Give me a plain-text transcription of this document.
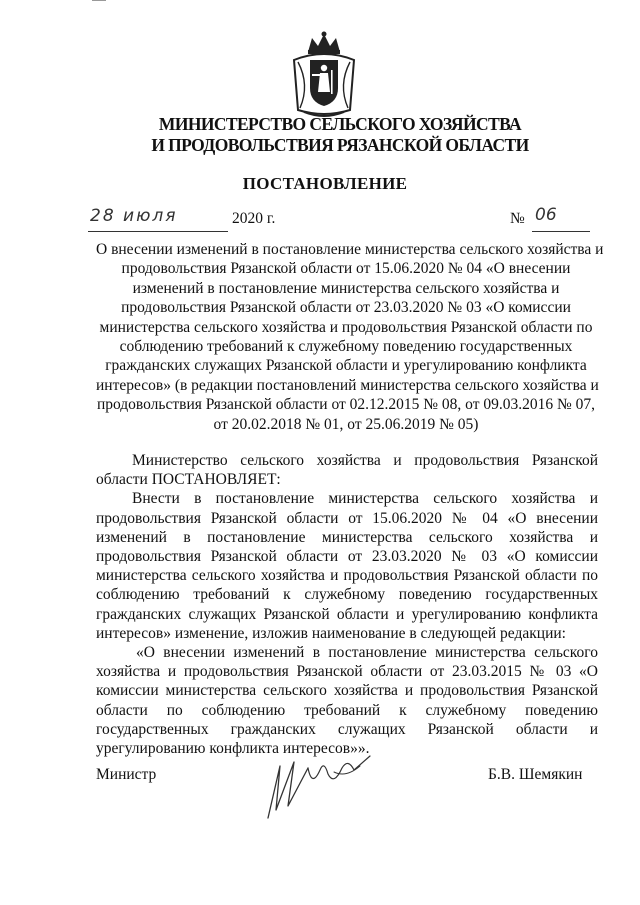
МИНИСТЕРСТВО СЕЛЬСКОГО ХОЗЯЙСТВА
И ПРОДОВОЛЬСТВИЯ РЯЗАНСКОЙ ОБЛАСТИ
ПОСТАНОВЛЕНИЕ
28 июля	2020 г.	№ 06
О внесении изменений в постановление министерства сельского хозяйства и
продовольствия Рязанской области от 15.06.2020 № 04 «О внесении
изменений в постановление министерства сельского хозяйства и
продовольствия Рязанской области от 23.03.2020 № 03 «О комиссии
министерства сельского хозяйства и продовольствия Рязанской области по
соблюдению требований к служебному поведению государственных
гражданских служащих Рязанской области и урегулированию конфликта
интересов» (в редакции постановлений министерства сельского хозяйства и
продовольствия Рязанской области от 02.12.2015 № 08, от 09.03.2016 № 07,
от 20.02.2018 № 01, от 25.06.2019 № 05)

Министерство сельского хозяйства и продовольствия Рязанской области ПОСТАНОВЛЯЕТ:

Внести в постановление министерства сельского хозяйства и продовольствия Рязанской области от 15.06.2020 № 04 «О внесении изменений в постановление министерства сельского хозяйства и продовольствия Рязанской области от 23.03.2020 № 03 «О комиссии министерства сельского хозяйства и продовольствия Рязанской области по соблюдению требований к служебному поведению государственных гражданских служащих Рязанской области и урегулированию конфликта интересов» изменение, изложив наименование в следующей редакции:

«О внесении изменений в постановление министерства сельского хозяйства и продовольствия Рязанской области от 23.03.2015 № 03 «О комиссии министерства сельского хозяйства и продовольствия Рязанской области по соблюдению требований к служебному поведению государственных гражданских служащих Рязанской области и урегулированию конфликта интересов»».

Министр	Б.В. Шемякин
